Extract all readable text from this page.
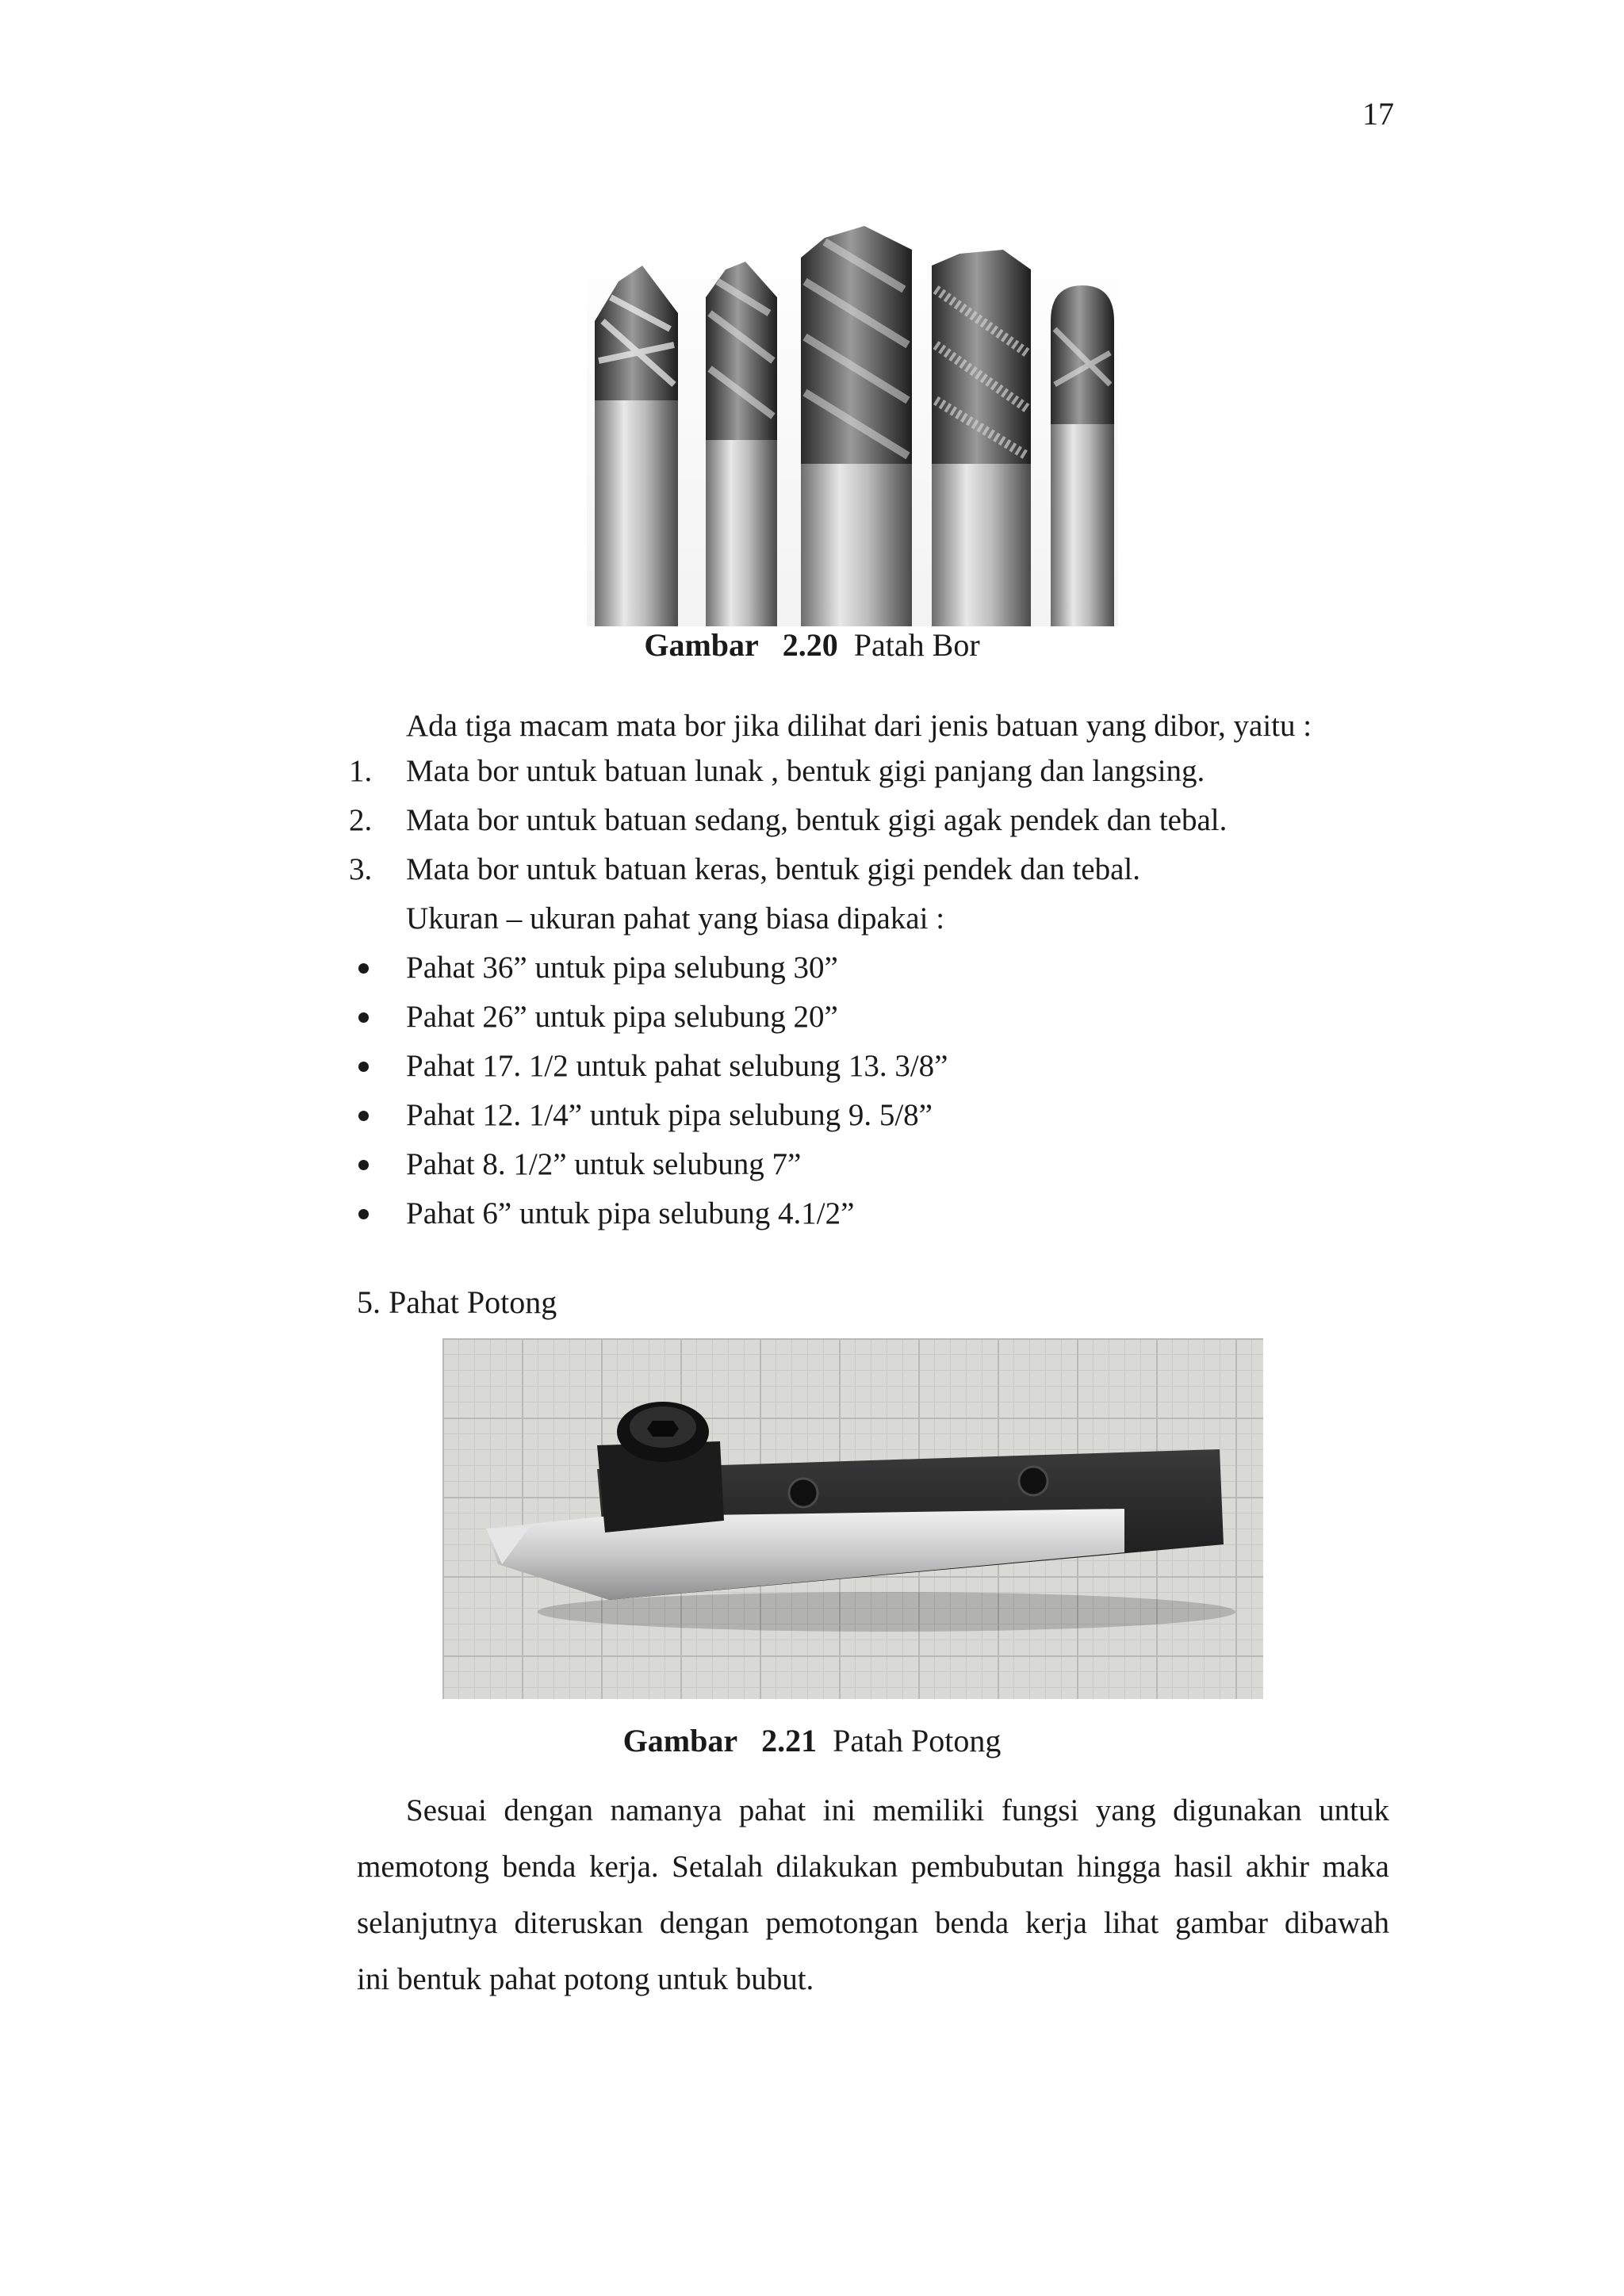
17
Gambar 2.20 Patah Bor
Ada tiga macam mata bor jika dilihat dari jenis batuan yang dibor, yaitu :
1. Mata bor untuk batuan lunak , bentuk gigi panjang dan langsing.
2. Mata bor untuk batuan sedang, bentuk gigi agak pendek dan tebal.
3. Mata bor untuk batuan keras, bentuk gigi pendek dan tebal.
Ukuran – ukuran pahat yang biasa dipakai :
Pahat 36” untuk pipa selubung 30”
Pahat 26” untuk pipa selubung 20”
Pahat 17. 1/2 untuk pahat selubung 13. 3/8”
Pahat 12. 1/4” untuk pipa selubung 9. 5/8”
Pahat 8. 1/2” untuk selubung 7”
Pahat 6” untuk pipa selubung 4.1/2”
5. Pahat Potong
Gambar 2.21 Patah Potong
Sesuai dengan namanya pahat ini memiliki fungsi yang digunakan untuk
memotong benda kerja. Setalah dilakukan pembubutan hingga hasil akhir maka
selanjutnya diteruskan dengan pemotongan benda kerja lihat gambar dibawah
ini bentuk pahat potong untuk bubut.
